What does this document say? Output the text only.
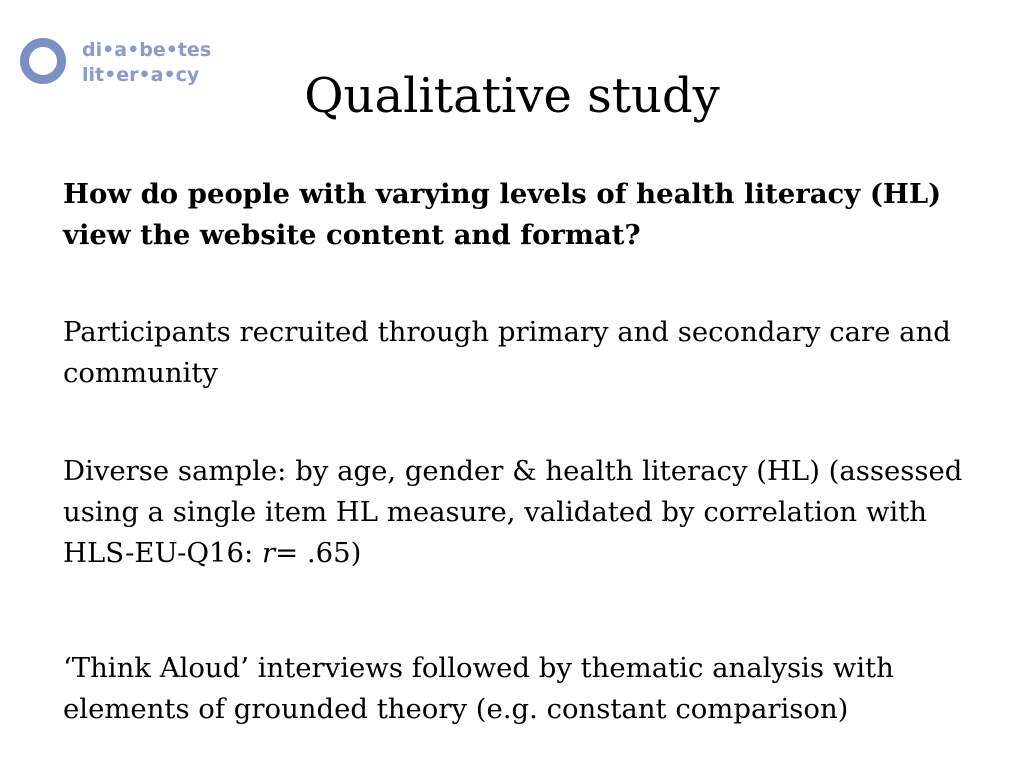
di•a•be•tes
lit•er•a•cy	Qualitative study

How do people with varying levels of health literacy (HL) view the website content and format?

Participants recruited through primary and secondary care and community

Diverse sample: by age, gender & health literacy (HL) (assessed using a single item HL measure, validated by correlation with HLS-EU-Q16: r= .65)

‘Think Aloud’ interviews followed by thematic analysis with elements of grounded theory (e.g. constant comparison)
